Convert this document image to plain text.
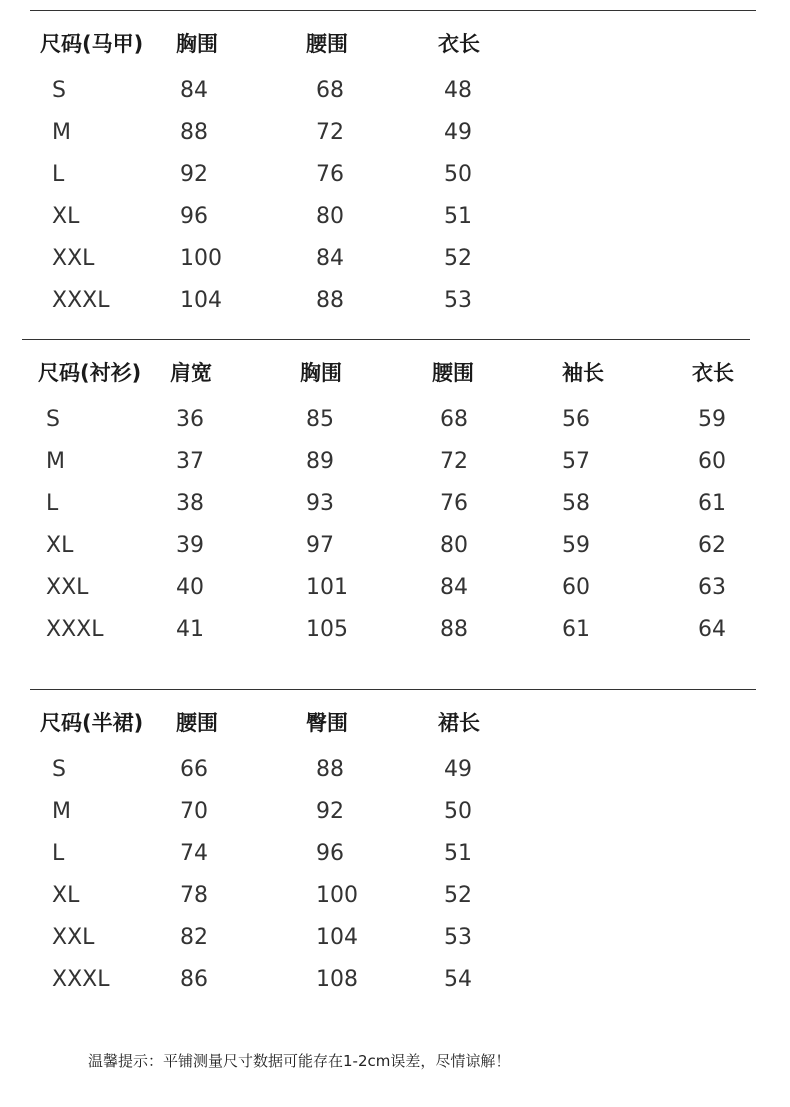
尺码(马甲) 胸围	腰围	衣长
S	84	68	48
M	88	72	49
L	92	76	50
XL	96	80	51
XXL	100	84	52
XXXL	104	88	53
尺码(衬衫) 肩宽	胸围	腰围	袖长	衣长
S	36	85	68	56	59
M	37	89	72	57	60
L	38	93	76	58	61
XL	39	97	80	59	62
XXL	40	101	84	60	63
XXXL	41	105	88	61	64
尺码(半裙) 腰围	臀围	裙长
S	66	88	49
M	70	92	50
L	74	96	51
XL	78	100	52
XXL	82	104	53
XXXL	86	108	54
温馨提示：平铺测量尺寸数据可能存在1-2cm误差，尽情谅解！
